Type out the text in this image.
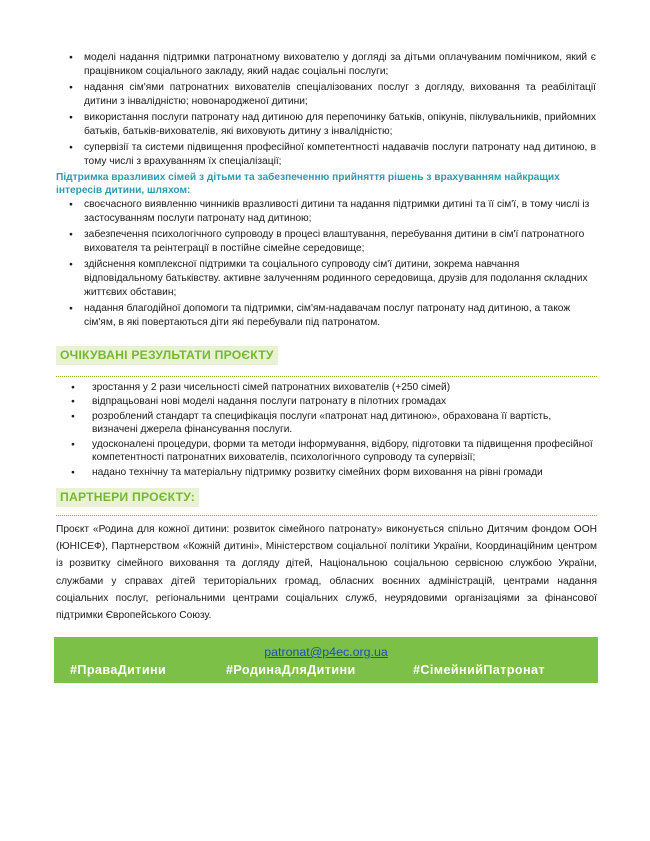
● моделі надання підтримки патронатному вихователю у догляді за дітьми оплачуваним помічником, який є працівником соціального закладу, який надає соціальні послуги;
● надання сім'ями патронатних вихователів спеціалізованих послуг з догляду, виховання та реабілітації дитини з інвалідністю; новонародженої дитини;
● використання послуги патронату над дитиною для перепочинку батьків, опікунів, піклувальників, прийомних батьків, батьків-вихователів, які виховують дитину з інвалідністю;
● супервізії та системи підвищення професійної компетентності надавачів послуги патронату над дитиною, в тому числі з врахуванням їх спеціалізації;
Підтримка вразливих сімей з дітьми та забезпеченню прийняття рішень з врахуванням найкращих інтересів дитини, шляхом:
● своєчасного виявленню чинників вразливості дитини та надання підтримки дитині та її сім'ї, в тому числі із застосуванням послуги патронату над дитиною;
● забезпечення психологічного супроводу в процесі влаштування, перебування дитини в сім'ї патронатного вихователя та реінтеграції в постійне сімейне середовище;
● здійснення комплексної підтримки та соціального супроводу сім'ї дитини, зокрема навчання відповідальному батьківству. активне залученням родинного середовища, друзів для подолання складних життєвих обставин;
● надання благодійної допомоги та підтримки, сім'ям-надавачам послуг патронату над дитиною, а також сім'ям, в які повертаються діти які перебували під патронатом.
ОЧІКУВАНІ РЕЗУЛЬТАТИ ПРОЄКТУ
● зростання у 2 рази чисельності сімей патронатних вихователів (+250 сімей)
● відпрацьовані нові моделі надання послуги патронату в пілотних громадах
● розроблений стандарт та специфікація послуги «патронат над дитиною», обрахована її вартість, визначені джерела фінансування послуги.
● удосконалені процедури, форми та методи інформування, відбору, підготовки та підвищення професійної компетентності патронатних вихователів, психологічного супроводу та супервізії;
● надано технічну та матеріальну підтримку розвитку сімейних форм виховання на рівні громади
ПАРТНЕРИ ПРОЄКТУ:
Проєкт «Родина для кожної дитини: розвиток сімейного патронату» виконується спільно Дитячим фондом ООН (ЮНІСЕФ), Партнерством «Кожній дитині», Міністерством соціальної політики України, Координаційним центром із розвитку сімейного виховання та догляду дітей, Національною соціальною сервісною службою України, службами у справах дітей територіальних громад, обласних воєнних адміністрацій, центрами надання соціальних послуг, регіональними центрами соціальних служб, неурядовими організаціями за фінансової підтримки Європейського Союзу.
patronat@p4ec.org.ua
#ПраваДитини	#РодинаДляДитини	#СімейнийПатронат
